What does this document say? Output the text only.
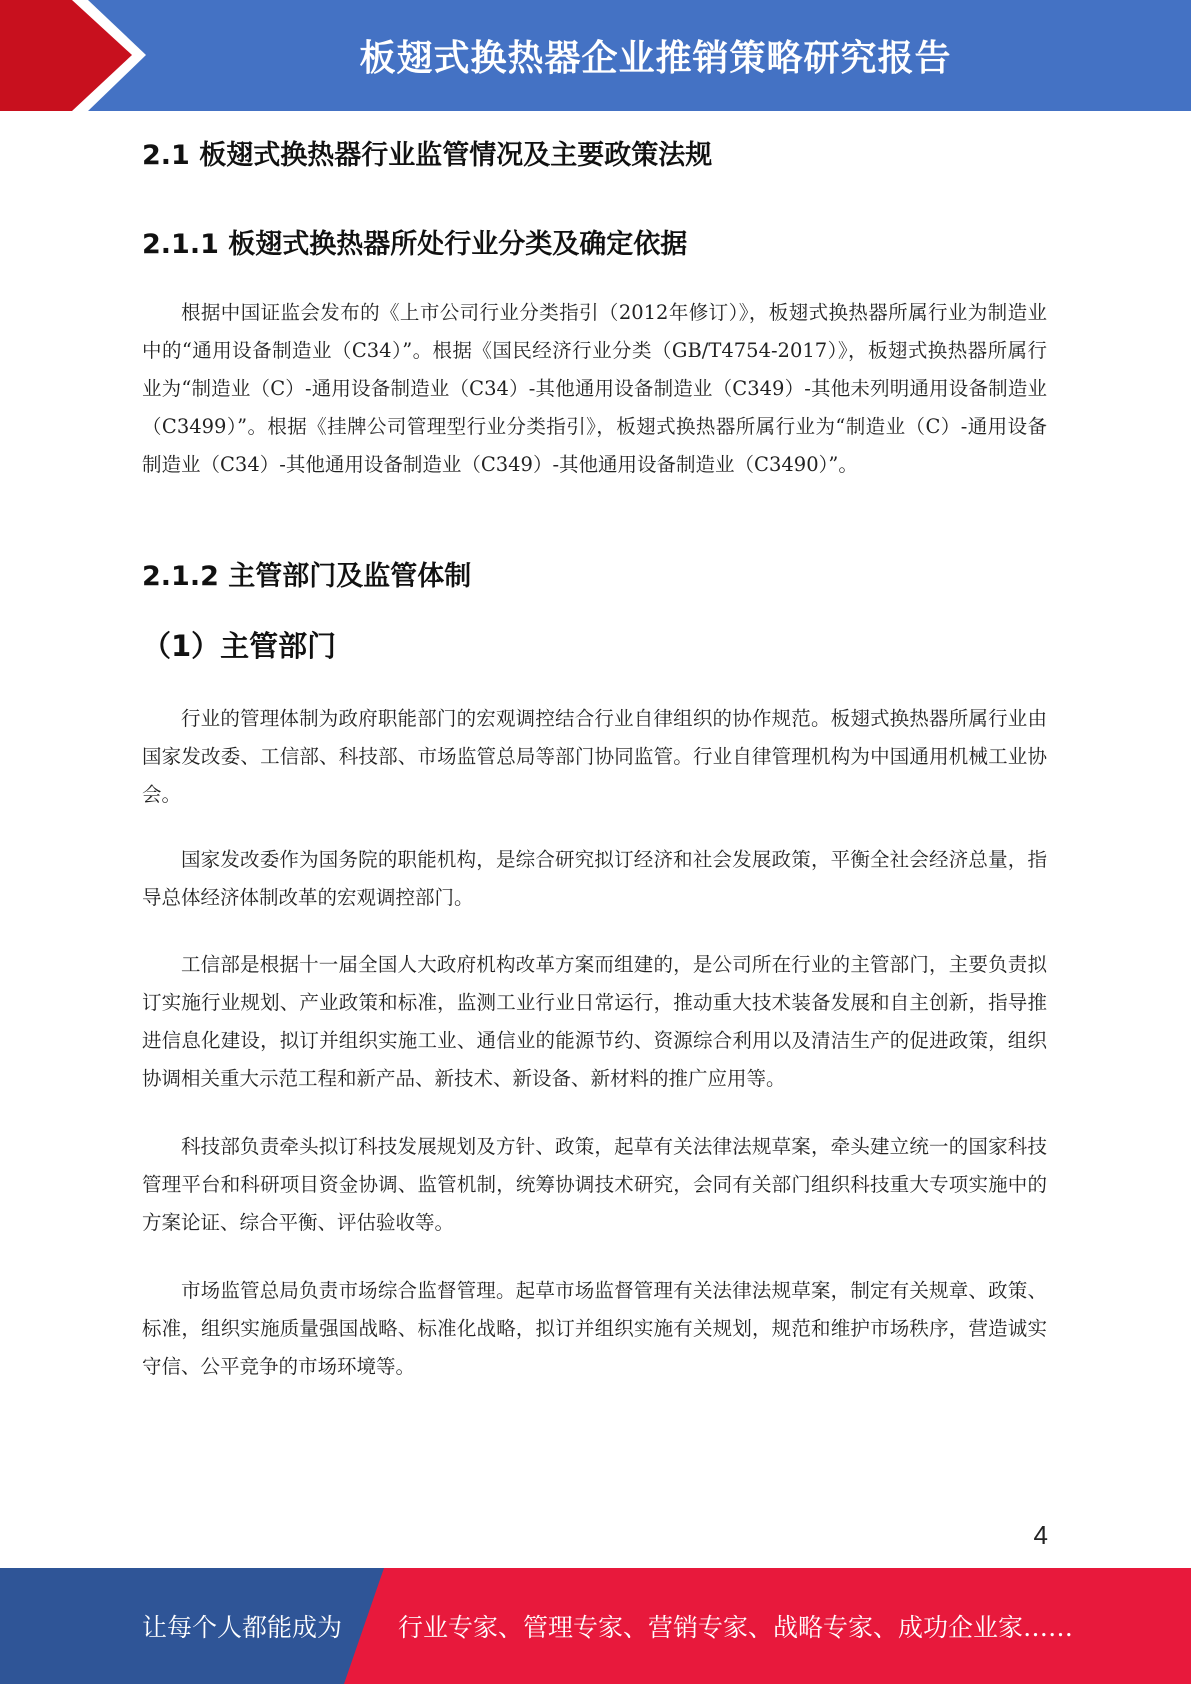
板翅式换热器企业推销策略研究报告
2.1 板翅式换热器行业监管情况及主要政策法规
2.1.1 板翅式换热器所处行业分类及确定依据

根据中国证监会发布的《上市公司行业分类指引（2012年修订）》，板翅式换热器所属行业为制造业中的“通用设备制造业（C34）”。根据《国民经济行业分类（GB/T4754-2017）》，板翅式换热器所属行业为“制造业（C）-通用设备制造业（C34）-其他通用设备制造业（C349）-其他未列明通用设备制造业（C3499）”。根据《挂牌公司管理型行业分类指引》，板翅式换热器所属行业为“制造业（C）-通用设备制造业（C34）-其他通用设备制造业（C349）-其他通用设备制造业（C3490）”。

2.1.2 主管部门及监管体制
（1）主管部门

行业的管理体制为政府职能部门的宏观调控结合行业自律组织的协作规范。板翅式换热器所属行业由国家发改委、工信部、科技部、市场监管总局等部门协同监管。行业自律管理机构为中国通用机械工业协会。

国家发改委作为国务院的职能机构，是综合研究拟订经济和社会发展政策，平衡全社会经济总量，指导总体经济体制改革的宏观调控部门。

工信部是根据十一届全国人大政府机构改革方案而组建的，是公司所在行业的主管部门，主要负责拟订实施行业规划、产业政策和标准，监测工业行业日常运行，推动重大技术装备发展和自主创新，指导推进信息化建设，拟订并组织实施工业、通信业的能源节约、资源综合利用以及清洁生产的促进政策，组织协调相关重大示范工程和新产品、新技术、新设备、新材料的推广应用等。

科技部负责牵头拟订科技发展规划及方针、政策，起草有关法律法规草案，牵头建立统一的国家科技管理平台和科研项目资金协调、监管机制，统筹协调技术研究，会同有关部门组织科技重大专项实施中的方案论证、综合平衡、评估验收等。

市场监管总局负责市场综合监督管理。起草市场监督管理有关法律法规草案，制定有关规章、政策、标准，组织实施质量强国战略、标准化战略，拟订并组织实施有关规划，规范和维护市场秩序，营造诚实守信、公平竞争的市场环境等。

4
让每个人都能成为 行业专家、管理专家、营销专家、战略专家、成功企业家……
